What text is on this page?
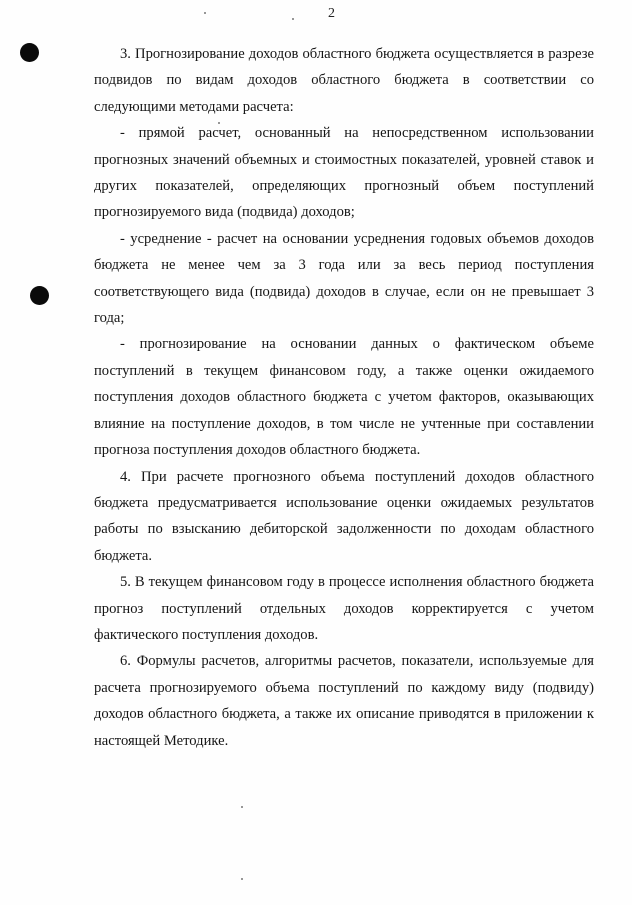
2

3. Прогнозирование доходов областного бюджета осуществляется в разрезе подвидов по видам доходов областного бюджета в соответствии со следующими методами расчета:

- прямой расчет, основанный на непосредственном использовании прогнозных значений объемных и стоимостных показателей, уровней ставок и других показателей, определяющих прогнозный объем поступлений прогнозируемого вида (подвида) доходов;

- усреднение - расчет на основании усреднения годовых объемов доходов бюджета не менее чем за 3 года или за весь период поступления соответствующего вида (подвида) доходов в случае, если он не превышает 3 года;

- прогнозирование на основании данных о фактическом объеме поступлений в текущем финансовом году, а также оценки ожидаемого поступления доходов областного бюджета с учетом факторов, оказывающих влияние на поступление доходов, в том числе не учтенные при составлении прогноза поступления доходов областного бюджета.

4. При расчете прогнозного объема поступлений доходов областного бюджета предусматривается использование оценки ожидаемых результатов работы по взысканию дебиторской задолженности по доходам областного бюджета.

5. В текущем финансовом году в процессе исполнения областного бюджета прогноз поступлений отдельных доходов корректируется с учетом фактического поступления доходов.

6. Формулы расчетов, алгоритмы расчетов, показатели, используемые для расчета прогнозируемого объема поступлений по каждому виду (подвиду) доходов областного бюджета, а также их описание приводятся в приложении к настоящей Методике.
